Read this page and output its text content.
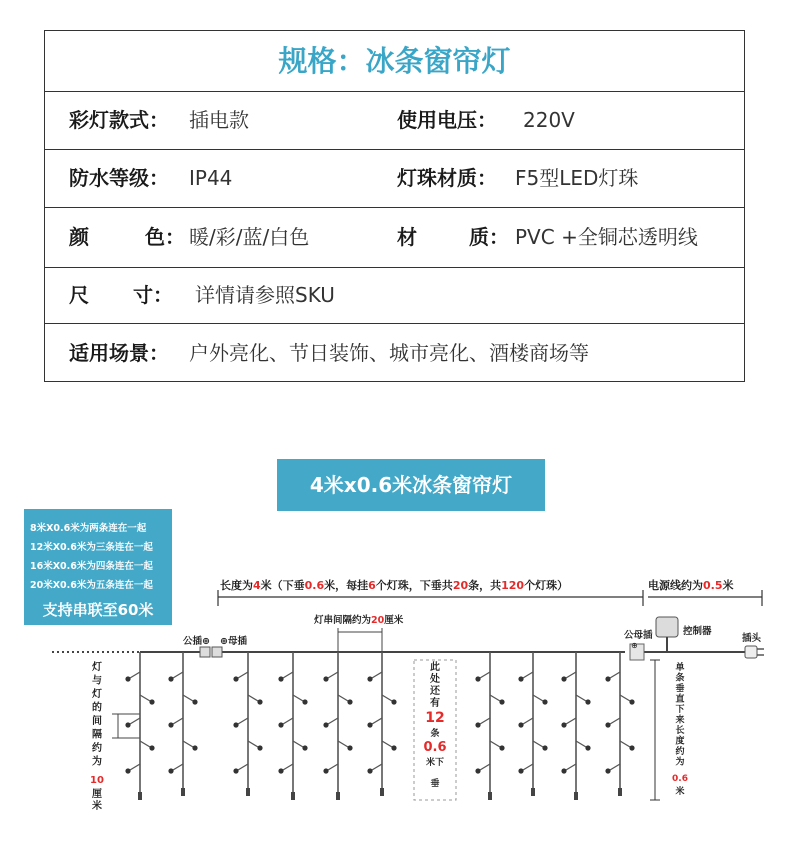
规格：冰条窗帘灯
彩灯款式： 插电款	使用电压： 220V
防水等级： IP44	灯珠材质： F5型LED灯珠
颜	色： 暖/彩/蓝/白色	材	质： PVC +全铜芯透明线
尺 寸： 详情请参照SKU
适用场景： 户外亮化、节日装饰、城市亮化、酒楼商场等
4米x0.6米冰条窗帘灯
8米X0.6米为两条连在一起
12米X0.6米为三条连在一起
16米X0.6米为四条连在一起
20米X0.6米为五条连在一起
支持串联至60米
长度为4米（下垂0.6米，每挂6个灯珠，下垂共20条，共120个灯珠）	电源线约为0.5米
灯串间隔约为20厘米
公插⊕ ⊕母插
公母插
⊕
控制器
插头
灯
与
灯
的
间
隔
约
为
10
厘
米
此
处
还
有
12
条
0.6
米下
垂
单
条
垂
直
下
来
长
度
约
为
0.6
米
